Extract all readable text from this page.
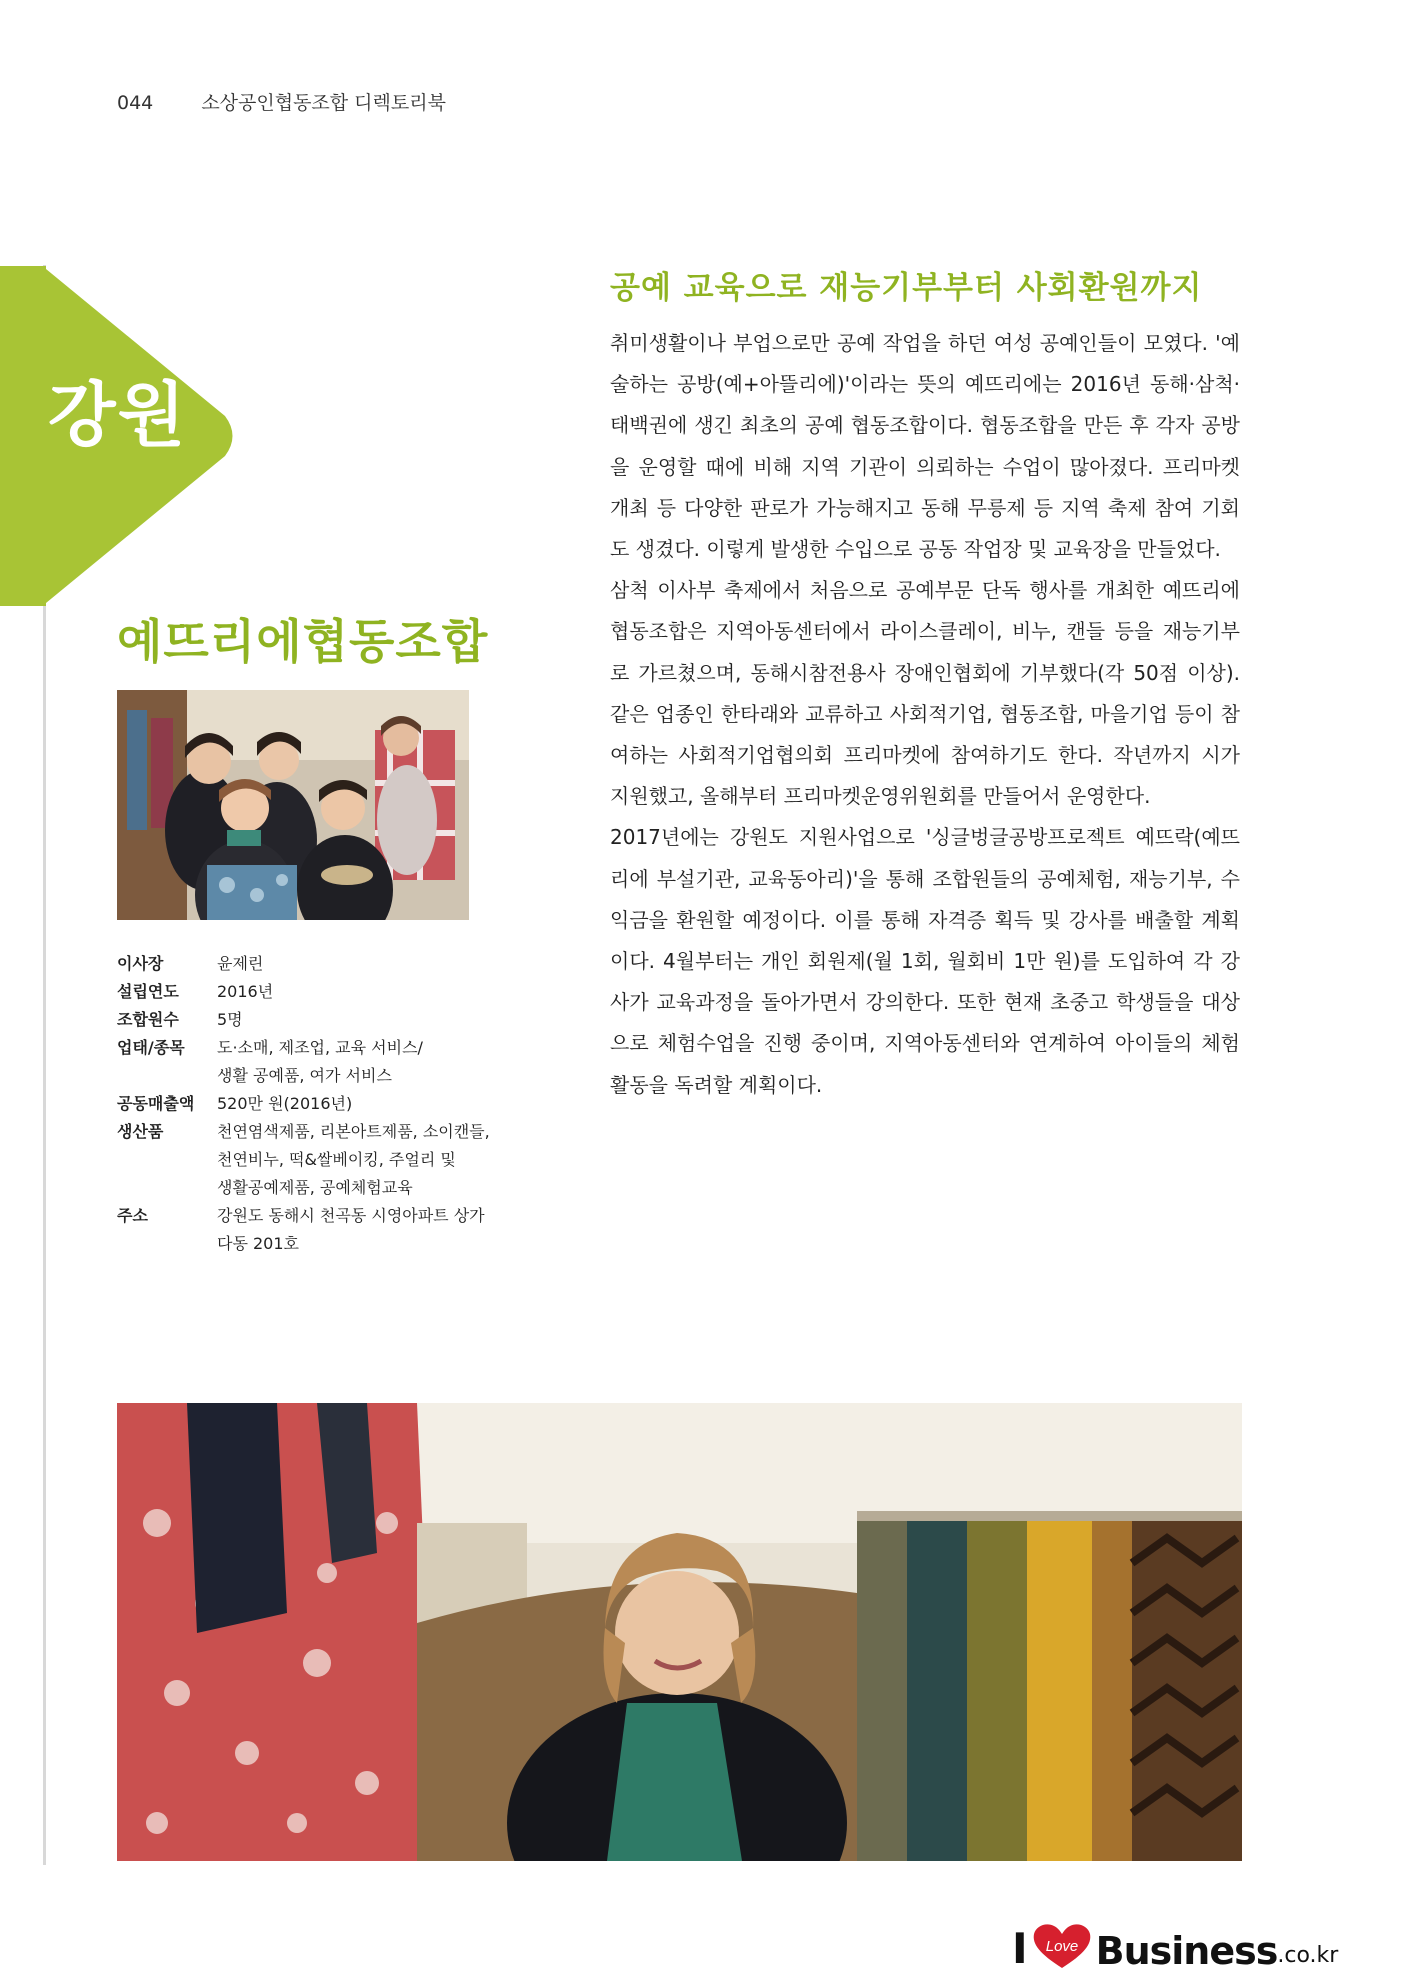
044	소상공인협동조합 디렉토리북
강원
예뜨리에협동조합
이사장	윤제린
설립연도	2016년
조합원수	5명
업태/종목	도·소매, 제조업, 교육 서비스/
생활 공예품, 여가 서비스
공동매출액	520만 원(2016년)
생산품	천연염색제품, 리본아트제품, 소이캔들,
천연비누, 떡&쌀베이킹, 주얼리 및
생활공예제품, 공예체험교육
주소	강원도 동해시 천곡동 시영아파트 상가
다동 201호
공예 교육으로 재능기부부터 사회환원까지

취미생활이나 부업으로만 공예 작업을 하던 여성 공예인들이 모였다. '예술하는 공방(예+아뜰리에)'이라는 뜻의 예뜨리에는 2016년 동해·삼척·태백권에 생긴 최초의 공예 협동조합이다. 협동조합을 만든 후 각자 공방을 운영할 때에 비해 지역 기관이 의뢰하는 수업이 많아졌다. 프리마켓 개최 등 다양한 판로가 가능해지고 동해 무릉제 등 지역 축제 참여 기회도 생겼다. 이렇게 발생한 수입으로 공동 작업장 및 교육장을 만들었다.

삼척 이사부 축제에서 처음으로 공예부문 단독 행사를 개최한 예뜨리에협동조합은 지역아동센터에서 라이스클레이, 비누, 캔들 등을 재능기부로 가르쳤으며, 동해시참전용사 장애인협회에 기부했다(각 50점 이상). 같은 업종인 한타래와 교류하고 사회적기업, 협동조합, 마을기업 등이 참여하는 사회적기업협의회 프리마켓에 참여하기도 한다. 작년까지 시가 지원했고, 올해부터 프리마켓운영위원회를 만들어서 운영한다.

2017년에는 강원도 지원사업으로 '싱글벙글공방프로젝트 예뜨락(예뜨리에 부설기관, 교육동아리)'을 통해 조합원들의 공예체험, 재능기부, 수익금을 환원할 예정이다. 이를 통해 자격증 획득 및 강사를 배출할 계획이다. 4월부터는 개인 회원제(월 1회, 월회비 1만 원)를 도입하여 각 강사가 교육과정을 돌아가면서 강의한다. 또한 현재 초중고 학생들을 대상으로 체험수업을 진행 중이며, 지역아동센터와 연계하여 아이들의 체험활동을 독려할 계획이다.

I Love Business .co.kr
